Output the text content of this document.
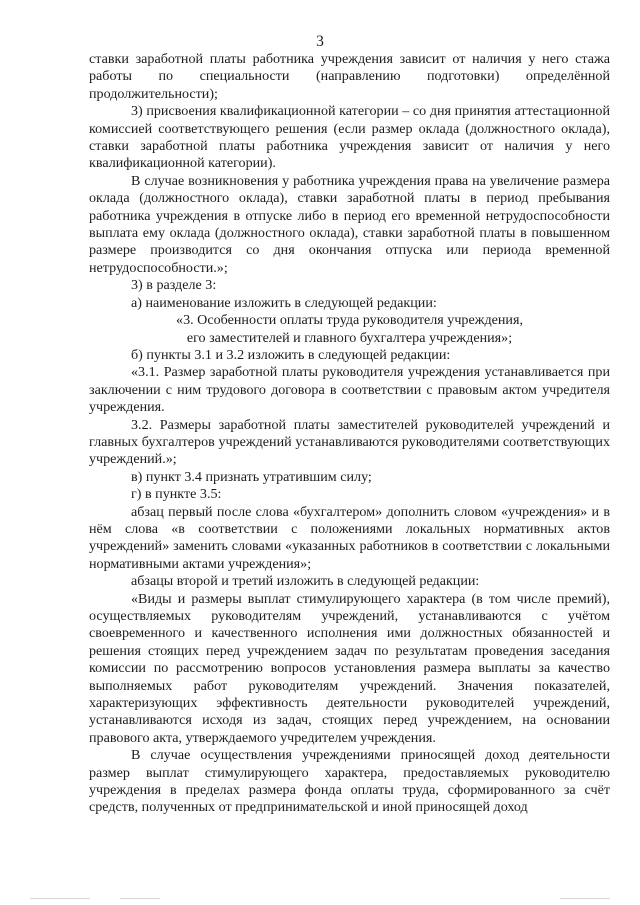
3

ставки заработной платы работника учреждения зависит от наличия у него стажа работы по специальности (направлению подготовки) определённой продолжительности);

3) присвоения квалификационной категории – со дня принятия аттестационной комиссией соответствующего решения (если размер оклада (должностного оклада), ставки заработной платы работника учреждения зависит от наличия у него квалификационной категории).

В случае возникновения у работника учреждения права на увеличение размера оклада (должностного оклада), ставки заработной платы в период пребывания работника учреждения в отпуске либо в период его временной нетрудоспособности выплата ему оклада (должностного оклада), ставки заработной платы в повышенном размере производится со дня окончания отпуска или периода временной нетрудоспособности.»;

3) в разделе 3:

а) наименование изложить в следующей редакции:

«3. Особенности оплаты труда руководителя учреждения,

его заместителей и главного бухгалтера учреждения»;

б) пункты 3.1 и 3.2 изложить в следующей редакции:

«3.1. Размер заработной платы руководителя учреждения устанавливается при заключении с ним трудового договора в соответствии с правовым актом учредителя учреждения.

3.2. Размеры заработной платы заместителей руководителей учреждений и главных бухгалтеров учреждений устанавливаются руководителями соответствующих учреждений.»;

в) пункт 3.4 признать утратившим силу;

г) в пункте 3.5:

абзац первый после слова «бухгалтером» дополнить словом «учреждения» и в нём слова «в соответствии с положениями локальных нормативных актов учреждений» заменить словами «указанных работников в соответствии с локальными нормативными актами учреждения»;

абзацы второй и третий изложить в следующей редакции:

«Виды и размеры выплат стимулирующего характера (в том числе премий), осуществляемых руководителям учреждений, устанавливаются с учётом своевременного и качественного исполнения ими должностных обязанностей и решения стоящих перед учреждением задач по результатам проведения заседания комиссии по рассмотрению вопросов установления размера выплаты за качество выполняемых работ руководителям учреждений. Значения показателей, характеризующих эффективность деятельности руководителей учреждений, устанавливаются исходя из задач, стоящих перед учреждением, на основании правового акта, утверждаемого учредителем учреждения.

В случае осуществления учреждениями приносящей доход деятельности размер выплат стимулирующего характера, предоставляемых руководителю учреждения в пределах размера фонда оплаты труда, сформированного за счёт средств, полученных от предпринимательской и иной приносящей доход
